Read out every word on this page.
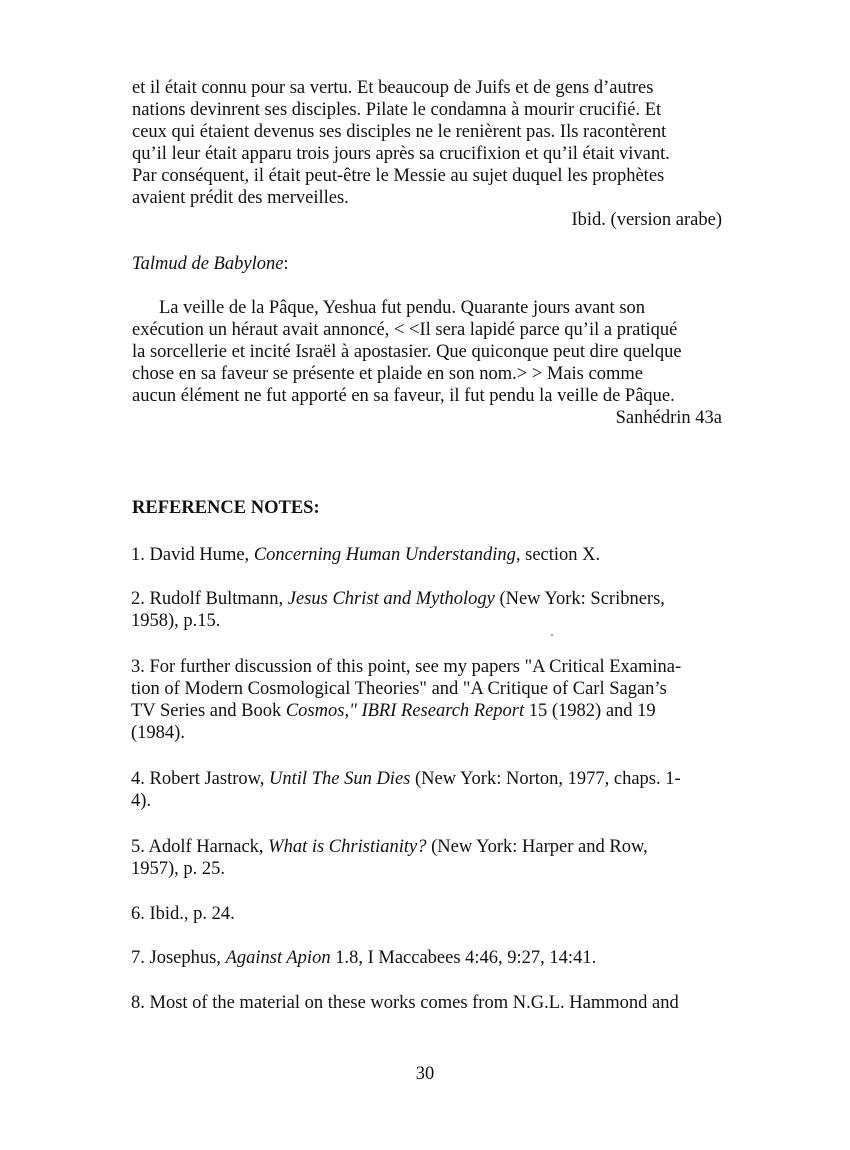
et il était connu pour sa vertu. Et beaucoup de Juifs et de gens d’autres
nations devinrent ses disciples. Pilate le condamna à mourir crucifié. Et
ceux qui étaient devenus ses disciples ne le renièrent pas. Ils racontèrent
qu’il leur était apparu trois jours après sa crucifixion et qu’il était vivant.
Par conséquent, il était peut-être le Messie au sujet duquel les prophètes
avaient prédit des merveilles.
Ibid. (version arabe)
Talmud de Babylone:
La veille de la Pâque, Yeshua fut pendu. Quarante jours avant son
exécution un héraut avait annoncé, < <Il sera lapidé parce qu’il a pratiqué
la sorcellerie et incité Israël à apostasier. Que quiconque peut dire quelque
chose en sa faveur se présente et plaide en son nom.> > Mais comme
aucun élément ne fut apporté en sa faveur, il fut pendu la veille de Pâque.
Sanhédrin 43a
REFERENCE NOTES:
1. David Hume, Concerning Human Understanding, section X.
2. Rudolf Bultmann, Jesus Christ and Mythology (New York: Scribners,
1958), p.15.
3. For further discussion of this point, see my papers "A Critical Examina-
tion of Modern Cosmological Theories" and "A Critique of Carl Sagan’s
TV Series and Book Cosmos," IBRI Research Report 15 (1982) and 19
(1984).
4. Robert Jastrow, Until The Sun Dies (New York: Norton, 1977, chaps. 1-
4).
5. Adolf Harnack, What is Christianity? (New York: Harper and Row,
1957), p. 25.
6. Ibid., p. 24.
7. Josephus, Against Apion 1.8, I Maccabees 4:46, 9:27, 14:41.
8. Most of the material on these works comes from N.G.L. Hammond and
30
